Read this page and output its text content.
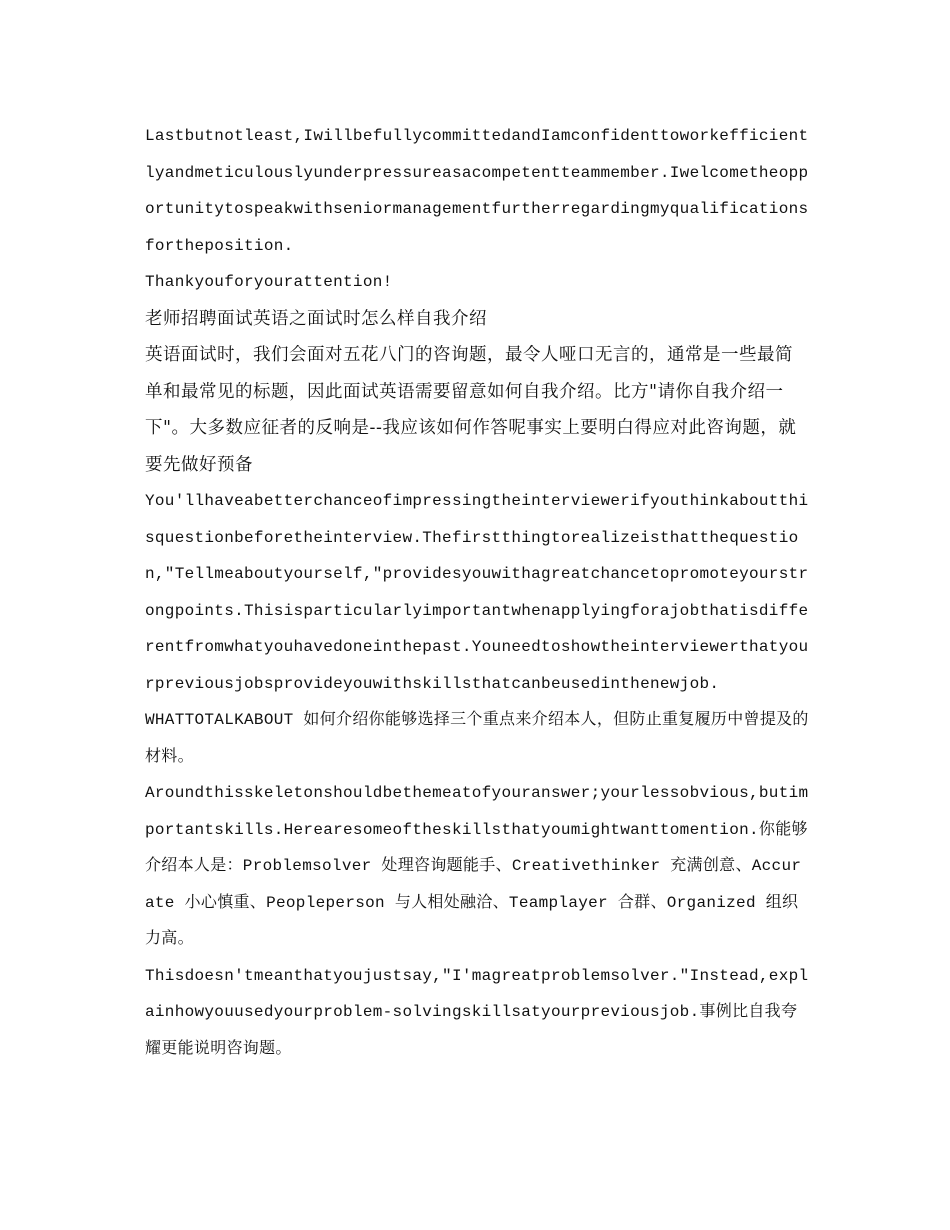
Lastbutnotleast,IwillbefullycommittedandIamconfidenttoworkefficientlyandmeticulouslyunderpressureasacompetentteammember.Iwelcometheopportunitytospeakwithseniormanagementfurtherregardingmyqualificationsfortheposition.

Thankyouforyourattention!

老师招聘面试英语之面试时怎么样自我介绍

英语面试时，我们会面对五花八门的咨询题，最令人哑口无言的，通常是一些最简单和最常见的标题，因此面试英语需要留意如何自我介绍。比方"请你自我介绍一下"。大多数应征者的反响是--我应该如何作答呢事实上要明白得应对此咨询题，就要先做好预备

You'llhaveabetterchanceofimpressingtheinterviewerifyouthinkaboutthisquestionbeforetheinterview.Thefirstthingtorealizeisthatthequestion,"Tellmeaboutyourself,"providesyouwithagreatchancetopromoteyourstrongpoints.Thisisparticularlyimportantwhenapplyingforajobthatisdifferentfromwhatyouhavedoneinthepast.Youneedtoshowtheinterviewerthatyourpreviousjobsprovideyouwithskillsthatcanbeusedinthenewjob.

WHATTOTALKABOUT 如何介绍你能够选择三个重点来介绍本人，但防止重复履历中曾提及的材料。

Aroundthisskeletonshouldbethemeatofyouranswer;yourlessobvious,butimportantskills.Herearesomeoftheskillsthatyoumightwanttomention.你能够介绍本人是：Problemsolver 处理咨询题能手、Creativethinker 充满创意、Accurate 小心慎重、Peopleperson 与人相处融洽、Teamplayer 合群、Organized 组织力高。

Thisdoesn'tmeanthatyoujustsay,"I'magreatproblemsolver."Instead,explainhowyouusedyourproblem-solvingskillsatyourpreviousjob.事例比自我夸耀更能说明咨询题。
